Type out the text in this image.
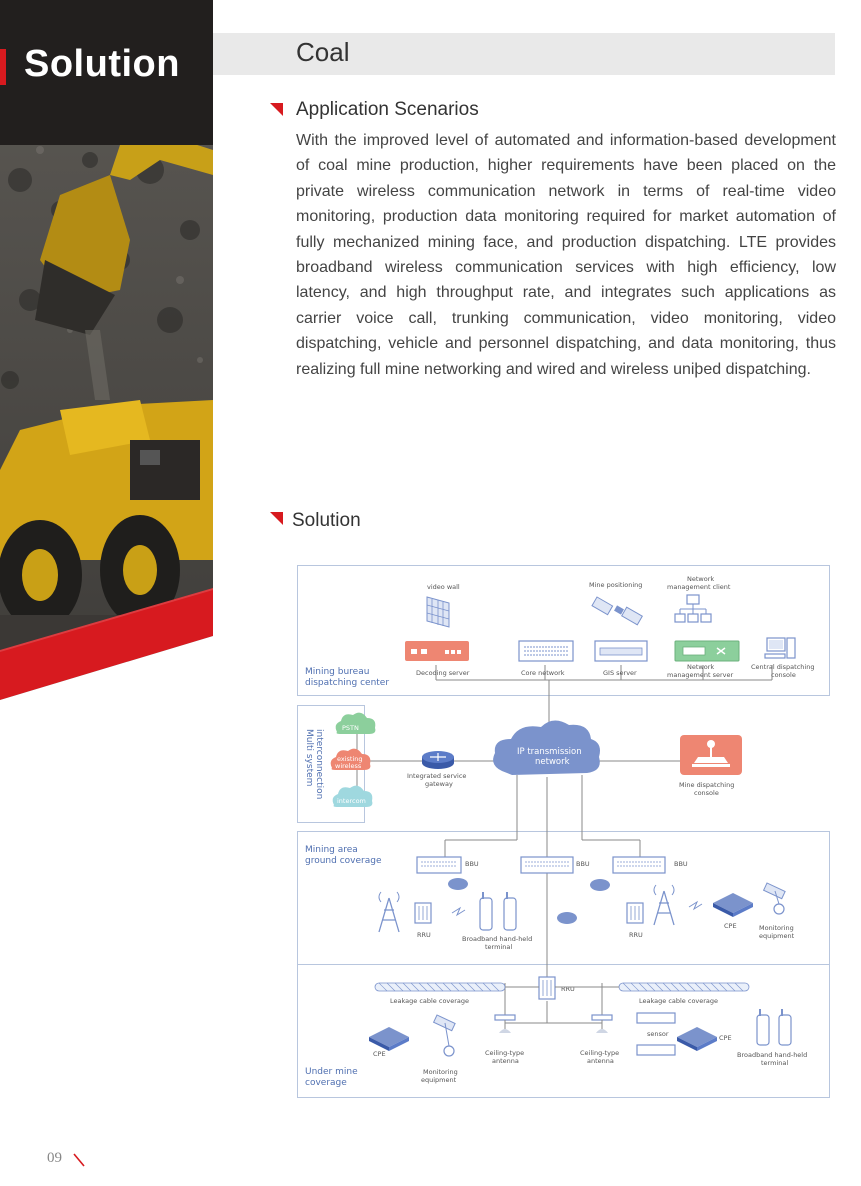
Solution	Coal
Application Scenarios

With the improved level of automated and information-based development of coal mine production, higher requirements have been placed on the private wireless communication network in terms of real-time video monitoring, production data monitoring required for market automation of fully mechanized mining face, and production dispatching. LTE provides broadband wireless communication services with high efficiency, low latency, and high throughput rate, and integrates such applications as carrier voice call, trunking communication, video monitoring, video dispatching, vehicle and personnel dispatching, and data monitoring, thus realizing full mine networking and wired and wireless uniþed dispatching.

Solution
video wall	Mine positioning
Network
management client
Decoding server	Core network	GIS server
Network
management server
Central dispatching
console
Mining bureau
dispatching center
Multi system interconnection
PSTN
existing
wireless
intercom
Integrated service
gateway
IP transmission
network
Mine dispatching
console
Mining area
ground coverage	BBU	BBU	BBU
RRU	Broadband hand-held
terminal
RRU
CPE	Monitoring
equipment
Under mine
coverage
RRU
Leakage cable coverage	Leakage cable coverage
Ceiling-type
antenna
Ceiling-type
antenna
CPE
Monitoring
equipment
sensor	CPE
Broadband hand-held
terminal
09
